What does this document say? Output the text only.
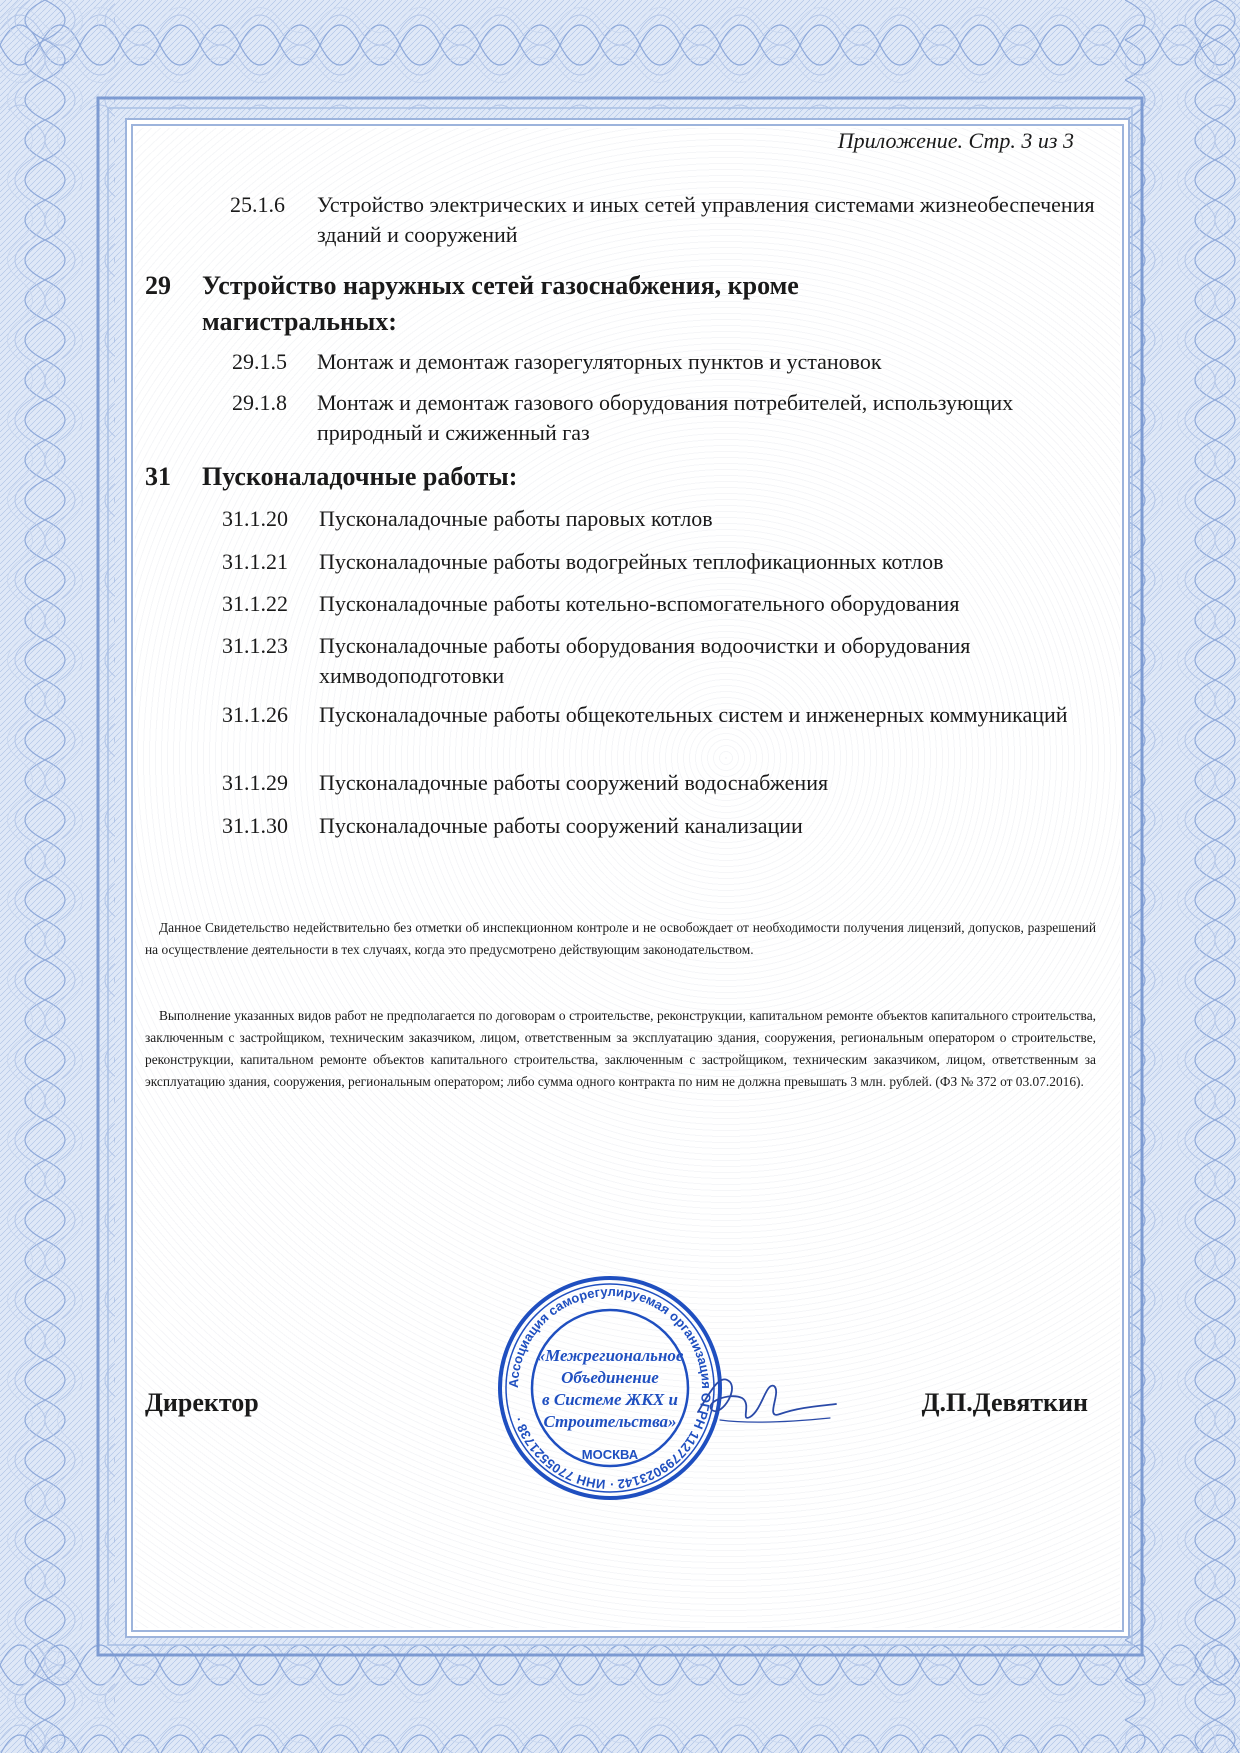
Приложение. Стр. 3 из 3
25.1.6 Устройство электрических и иных сетей управления системами жизнеобеспечения зданий и сооружений
29 Устройство наружных сетей газоснабжения, кроме магистральных:
29.1.5 Монтаж и демонтаж газорегуляторных пунктов и установок
29.1.8 Монтаж и демонтаж газового оборудования потребителей, использующих природный и сжиженный газ
31 Пусконаладочные работы:
31.1.20 Пусконаладочные работы паровых котлов
31.1.21 Пусконаладочные работы водогрейных теплофикационных котлов
31.1.22 Пусконаладочные работы котельно-вспомогательного оборудования
31.1.23 Пусконаладочные работы оборудования водоочистки и оборудования химводоподготовки
31.1.26 Пусконаладочные работы общекотельных систем и инженерных коммуникаций
31.1.29 Пусконаладочные работы сооружений водоснабжения
31.1.30 Пусконаладочные работы сооружений канализации
Данное Свидетельство недействительно без отметки об инспекционном контроле и не освобождает от необходимости получения лицензий, допусков, разрешений на осуществление деятельности в тех случаях, когда это предусмотрено действующим законодательством.
Выполнение указанных видов работ не предполагается по договорам о строительстве, реконструкции, капитальном ремонте объектов капитального строительства, заключенным с застройщиком, техническим заказчиком, лицом, ответственным за эксплуатацию здания, сооружения, региональным оператором о строительстве, реконструкции, капитальном ремонте объектов капитального строительства, заключенным с застройщиком, техническим заказчиком, лицом, ответственным за эксплуатацию здания, сооружения, региональным оператором; либо сумма одного контракта по ним не должна превышать 3 млн. рублей. (ФЗ № 372 от 03.07.2016).
Директор	Д.П.Девяткин
Ассоциация саморегулируемая организация ОГРН 1127799023142 · ИНН 7705521738 ·
«Межрегиональное
Объединение
в Системе ЖКХ и
Строительства»
МОСКВА
